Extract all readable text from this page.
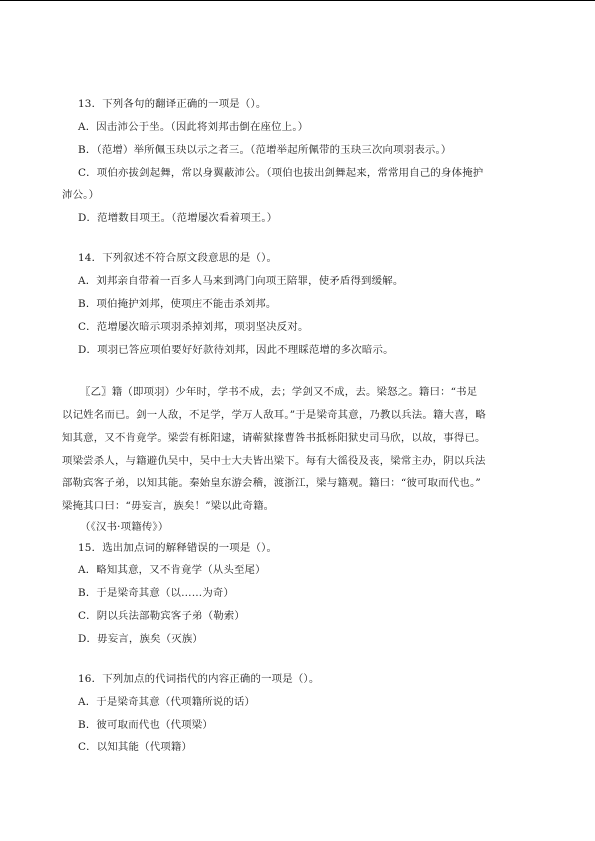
13．下列各句的翻译正确的一项是（）。
A．因击沛公于坐。（因此将刘邦击倒在座位上。）
B．（范增）举所佩玉玦以示之者三。（范增举起所佩带的玉玦三次向项羽表示。）
C．项伯亦拔剑起舞，常以身翼蔽沛公。（项伯也拔出剑舞起来，常常用自己的身体掩护
沛公。）
D．范增数目项王。（范增屡次看着项王。）
14．下列叙述不符合原文段意思的是（）。
A．刘邦亲自带着一百多人马来到鸿门向项王陪罪，使矛盾得到缓解。
B．项伯掩护刘邦，使项庄不能击杀刘邦。
C．范增屡次暗示项羽杀掉刘邦，项羽坚决反对。
D．项羽已答应项伯要好好款待刘邦，因此不理睬范增的多次暗示。
〖乙〗籍（即项羽）少年时，学书不成，去；学剑又不成，去。梁怒之。籍曰：“书足
以记姓名而已。剑一人敌，不足学，学万人敌耳。”于是梁奇其意，乃教以兵法。籍大喜，略
知其意，又不肯竟学。梁尝有栎阳逮，请蕲狱掾曹咎书抵栎阳狱史司马欣，以故，事得已。
项梁尝杀人，与籍避仇吴中，吴中士大夫皆出梁下。每有大徭役及丧，梁常主办，阴以兵法
部勒宾客子弟，以知其能。秦始皇东游会稽，渡浙江，梁与籍观。籍曰：“彼可取而代也。”
梁掩其口曰：“毋妄言，族矣！”梁以此奇籍。
（《汉书·项籍传》）
15．选出加点词的解释错误的一项是（）。
A．略知其意，又不肯竟学（从头至尾）
B．于是梁奇其意（以……为奇）
C．阴以兵法部勒宾客子弟（勒索）
D．毋妄言，族矣（灭族）
16．下列加点的代词指代的内容正确的一项是（）。
A．于是梁奇其意（代项籍所说的话）
B．彼可取而代也（代项梁）
C．以知其能（代项籍）
